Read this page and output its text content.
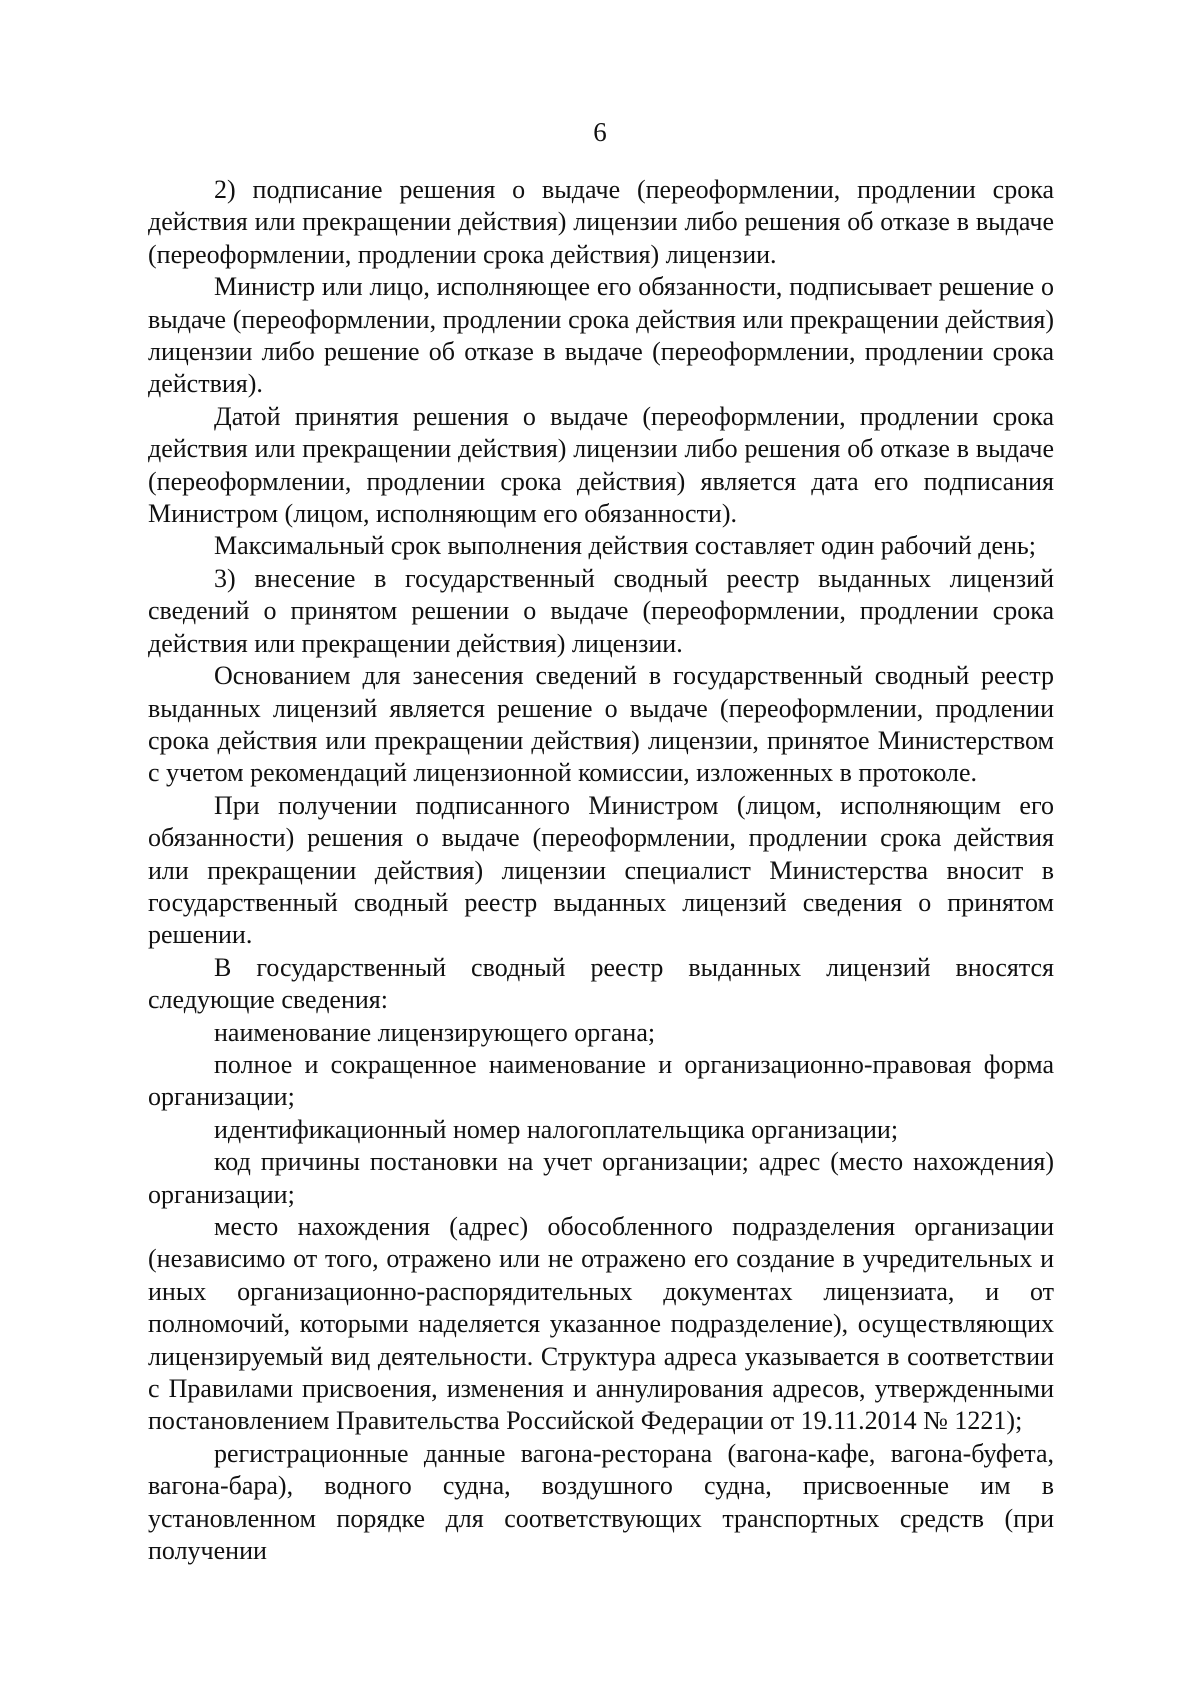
6

2) подписание решения о выдаче (переоформлении, продлении срока действия или прекращении действия) лицензии либо решения об отказе в выдаче (переоформлении, продлении срока действия) лицензии.

Министр или лицо, исполняющее его обязанности, подписывает решение о выдаче (переоформлении, продлении срока действия или прекращении действия) лицензии либо решение об отказе в выдаче (переоформлении, продлении срока действия).

Датой принятия решения о выдаче (переоформлении, продлении срока действия или прекращении действия) лицензии либо решения об отказе в выдаче (переоформлении, продлении срока действия) является дата его подписания Министром (лицом, исполняющим его обязанности).

Максимальный срок выполнения действия составляет один рабочий день;

3) внесение в государственный сводный реестр выданных лицензий сведений о принятом решении о выдаче (переоформлении, продлении срока действия или прекращении действия) лицензии.

Основанием для занесения сведений в государственный сводный реестр выданных лицензий является решение о выдаче (переоформлении, продлении срока действия или прекращении действия) лицензии, принятое Министерством с учетом рекомендаций лицензионной комиссии, изложенных в протоколе.

При получении подписанного Министром (лицом, исполняющим его обязанности) решения о выдаче (переоформлении, продлении срока действия или прекращении действия) лицензии специалист Министерства вносит в государственный сводный реестр выданных лицензий сведения о принятом решении.

В государственный сводный реестр выданных лицензий вносятся следующие сведения:

наименование лицензирующего органа;

полное и сокращенное наименование и организационно-правовая форма организации;

идентификационный номер налогоплательщика организации;

код причины постановки на учет организации; адрес (место нахождения) организации;

место нахождения (адрес) обособленного подразделения организации (независимо от того, отражено или не отражено его создание в учредительных и иных организационно-распорядительных документах лицензиата, и от полномочий, которыми наделяется указанное подразделение), осуществляющих лицензируемый вид деятельности. Структура адреса указывается в соответствии с Правилами присвоения, изменения и аннулирования адресов, утвержденными постановлением Правительства Российской Федерации от 19.11.2014 № 1221);

регистрационные данные вагона-ресторана (вагона-кафе, вагона-буфета, вагона-бара), водного судна, воздушного судна, присвоенные им в установленном порядке для соответствующих транспортных средств (при получении
